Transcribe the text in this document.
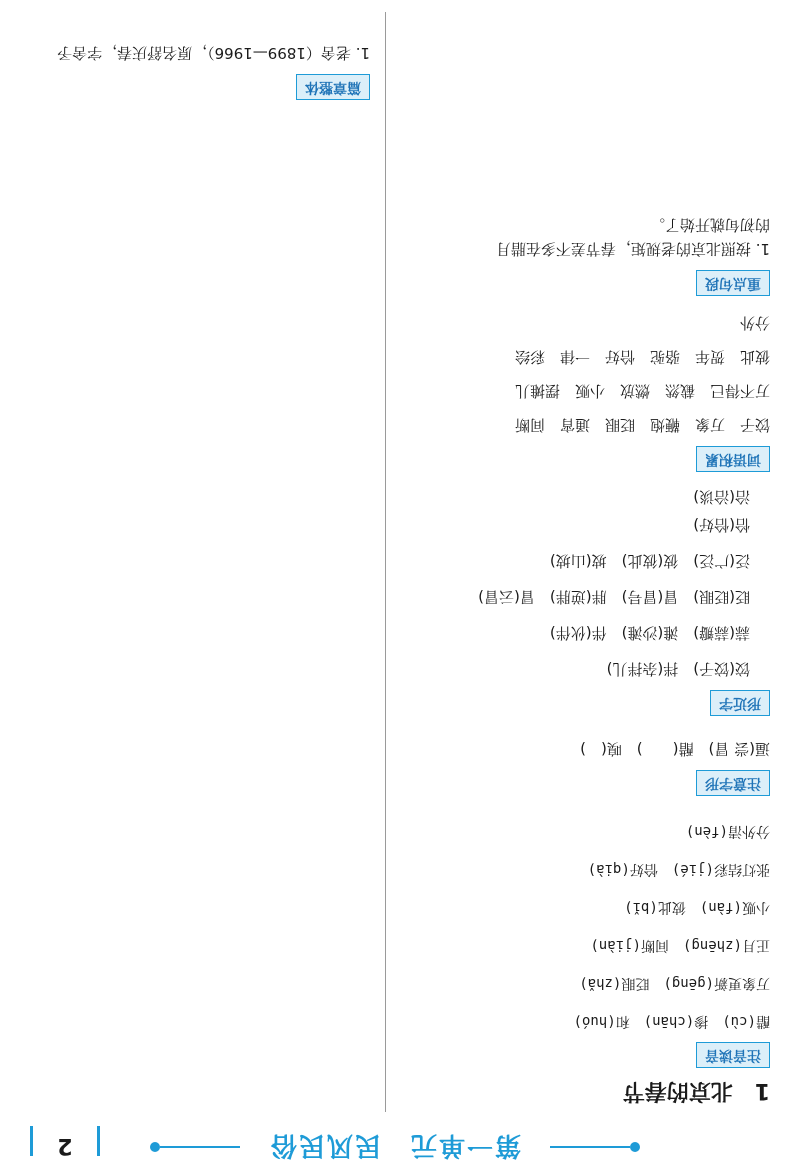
第一单元　民风民俗
2
1　北京的春节
注音读音
醋(cù)　掺(chān)　和(huó)
万象更新(gēng)　眨眼(zhǎ)
正月(zhēng)　间断(jiàn)
小贩(fàn)　彼此(bǐ)
张灯结彩(jié)　恰好(qià)
分外清(fèn)
注意字形
逼(尝 冒)　醋(　　)　嗅(　)
形近字
饺(饺子)　拌(杂拌儿)
蒜(蒜瓣)　滩(沙滩)　伴(伙伴)
眨(眨眼)　冒(冒号)　胖(逆胖)　冒(云冒)
泛(广泛)　彼(彼此)　坡(山坡)
恰(恰好)
洽(洽谈)
词语积累
饺子　万象　鞭炮　眨眼　通宵　间断
万不得已　截然　燃放　小贩　摆摊儿
彼此　贺年　骆驼　恰好　一律　彩绘
分外
重点句段
1. 按照北京的老规矩，春节差不多在腊月
的初旬就开始了。
篇章整体
1. 老舍（1899—1966），原名舒庆春，字舍予
